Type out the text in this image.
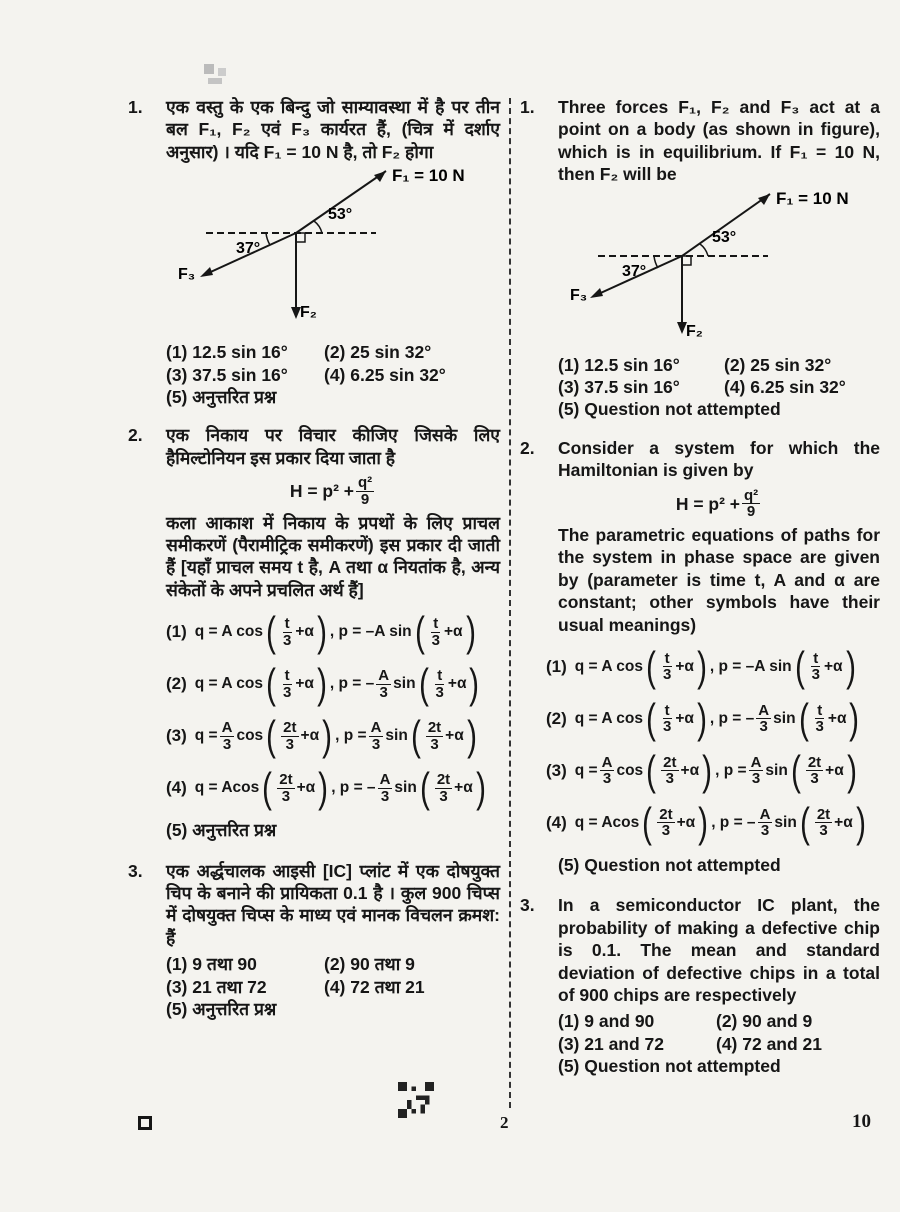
1. एक वस्तु के एक बिन्दु जो साम्यावस्था में है पर तीन बल F₁, F₂ एवं F₃ कार्यरत हैं, (चित्र में दर्शाए अनुसार) । यदि F₁ = 10 N है, तो F₂ होगा
F₁ = 10 N
53°
37°
F₂
F₃
(1) 12.5 sin 16°	(2) 25 sin 32°
(3) 37.5 sin 16°	(4) 6.25 sin 32°
(5) अनुत्तरित प्रश्न
2. एक निकाय पर विचार कीजिए जिसके लिए हैमिल्टोनियन इस प्रकार दिया जाता है
$H = p^2 + \frac{\text{q²}}{9}$
कला आकाश में निकाय के प्रपथों के लिए प्राचल समीकरणें (पैरामीट्रिक समीकरणें) इस प्रकार दी जाती हैं [यहाँ प्राचल समय t है, A तथा α नियतांक है, अन्य संकेतों के अपने प्रचलित अर्थ हैं]
(1) q = A cos ( $\frac{t}{3} +\alpha$ ) , p = –A sin ( $\frac{t}{3} +\alpha$ )
(2) q = A cos ( $\frac{t}{3} +\alpha$ ) , p = – $\frac{A}{3}$ sin ( $\frac{t}{3} +\alpha$ )
(3) $q = \frac{A}{3}$ cos ( $\frac{2t}{3} +\alpha$ ) , $p = \frac{A}{3}$ sin ( $\frac{2t}{3} +\alpha$ )
(4) q = Acos ( $\frac{2t}{3} +\alpha$ ) , p = – $\frac{A}{3}$ sin ( $\frac{2t}{3} +\alpha$ )
(5) अनुत्तरित प्रश्न
3. एक अर्द्धचालक आइसी [IC] प्लांट में एक दोषयुक्त चिप के बनाने की प्रायिकता 0.1 है । कुल 900 चिप्स में दोषयुक्त चिप्स के माध्य एवं मानक विचलन क्रमश: हैं
(1) 9 तथा 90	(2) 90 तथा 9
(3) 21 तथा 72	(4) 72 तथा 21
(5) अनुत्तरित प्रश्न
1. Three forces F₁, F₂ and F₃ act at a point on a body (as shown in figure), which is in equilibrium. If F₁ = 10 N, then F₂ will be
F₁ = 10 N
53°
37°
F₂
F₃
(1) 12.5 sin 16°	(2) 25 sin 32°
(3) 37.5 sin 16°	(4) 6.25 sin 32°
(5) Question not attempted
2. Consider a system for which the Hamiltonian is given by
$H = p^2 + \frac{\text{q²}}{9}$
The parametric equations of paths for the system in phase space are given by (parameter is time t, A and α are constant; other symbols have their usual meanings)
(1) q = A cos ( $\frac{t}{3} +\alpha$ ) , p = –A sin ( $\frac{t}{3} +\alpha$ )
(2) q = A cos ( $\frac{t}{3} +\alpha$ ) , p = – $\frac{A}{3}$ sin ( $\frac{t}{3} +\alpha$ )
(3) $q = \frac{A}{3}$ cos ( $\frac{2t}{3} +\alpha$ ) , $p = \frac{A}{3}$ sin ( $\frac{2t}{3} +\alpha$ )
(4) q = Acos ( $\frac{2t}{3} +\alpha$ ) , p = – $\frac{A}{3}$ sin ( $\frac{2t}{3} +\alpha$ )
(5) Question not attempted
3. In a semiconductor IC plant, the probability of making a defective chip is 0.1. The mean and standard deviation of defective chips in a total of 900 chips are respectively
(1) 9 and 90	(2) 90 and 9
(3) 21 and 72	(4) 72 and 21
(5) Question not attempted
2	10
